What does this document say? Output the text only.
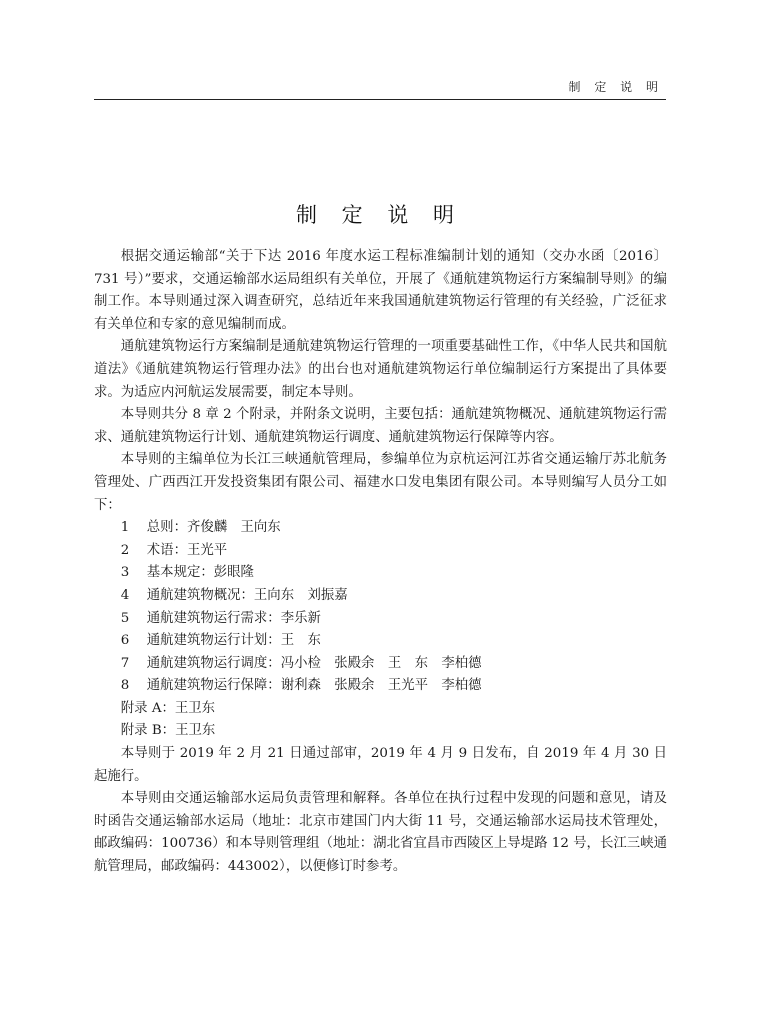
制 定 说 明
制 定 说 明

根据交通运输部“关于下达 2016 年度水运工程标准编制计划的通知（交办水函〔2016〕731 号）”要求，交通运输部水运局组织有关单位，开展了《通航建筑物运行方案编制导则》的编制工作。本导则通过深入调查研究，总结近年来我国通航建筑物运行管理的有关经验，广泛征求有关单位和专家的意见编制而成。

通航建筑物运行方案编制是通航建筑物运行管理的一项重要基础性工作，《中华人民共和国航道法》《通航建筑物运行管理办法》的出台也对通航建筑物运行单位编制运行方案提出了具体要求。为适应内河航运发展需要，制定本导则。

本导则共分 8 章 2 个附录，并附条文说明，主要包括：通航建筑物概况、通航建筑物运行需求、通航建筑物运行计划、通航建筑物运行调度、通航建筑物运行保障等内容。

本导则的主编单位为长江三峡通航管理局，参编单位为京杭运河江苏省交通运输厅苏北航务管理处、广西西江开发投资集团有限公司、福建水口发电集团有限公司。本导则编写人员分工如下：

1 总则：齐俊麟　王向东
2 术语：王光平
3 基本规定：彭眼隆
4 通航建筑物概况：王向东　刘振嘉
5 通航建筑物运行需求：李乐新
6 通航建筑物运行计划：王　东
7 通航建筑物运行调度：冯小检　张殿余　王　东　李柏德
8 通航建筑物运行保障：谢利森　张殿余　王光平　李柏德
附录 A：王卫东
附录 B：王卫东

本导则于 2019 年 2 月 21 日通过部审，2019 年 4 月 9 日发布，自 2019 年 4 月 30 日起施行。

本导则由交通运输部水运局负责管理和解释。各单位在执行过程中发现的问题和意见，请及时函告交通运输部水运局（地址：北京市建国门内大街 11 号，交通运输部水运局技术管理处，邮政编码：100736）和本导则管理组（地址：湖北省宜昌市西陵区上导堤路 12 号，长江三峡通航管理局，邮政编码：443002），以便修订时参考。
